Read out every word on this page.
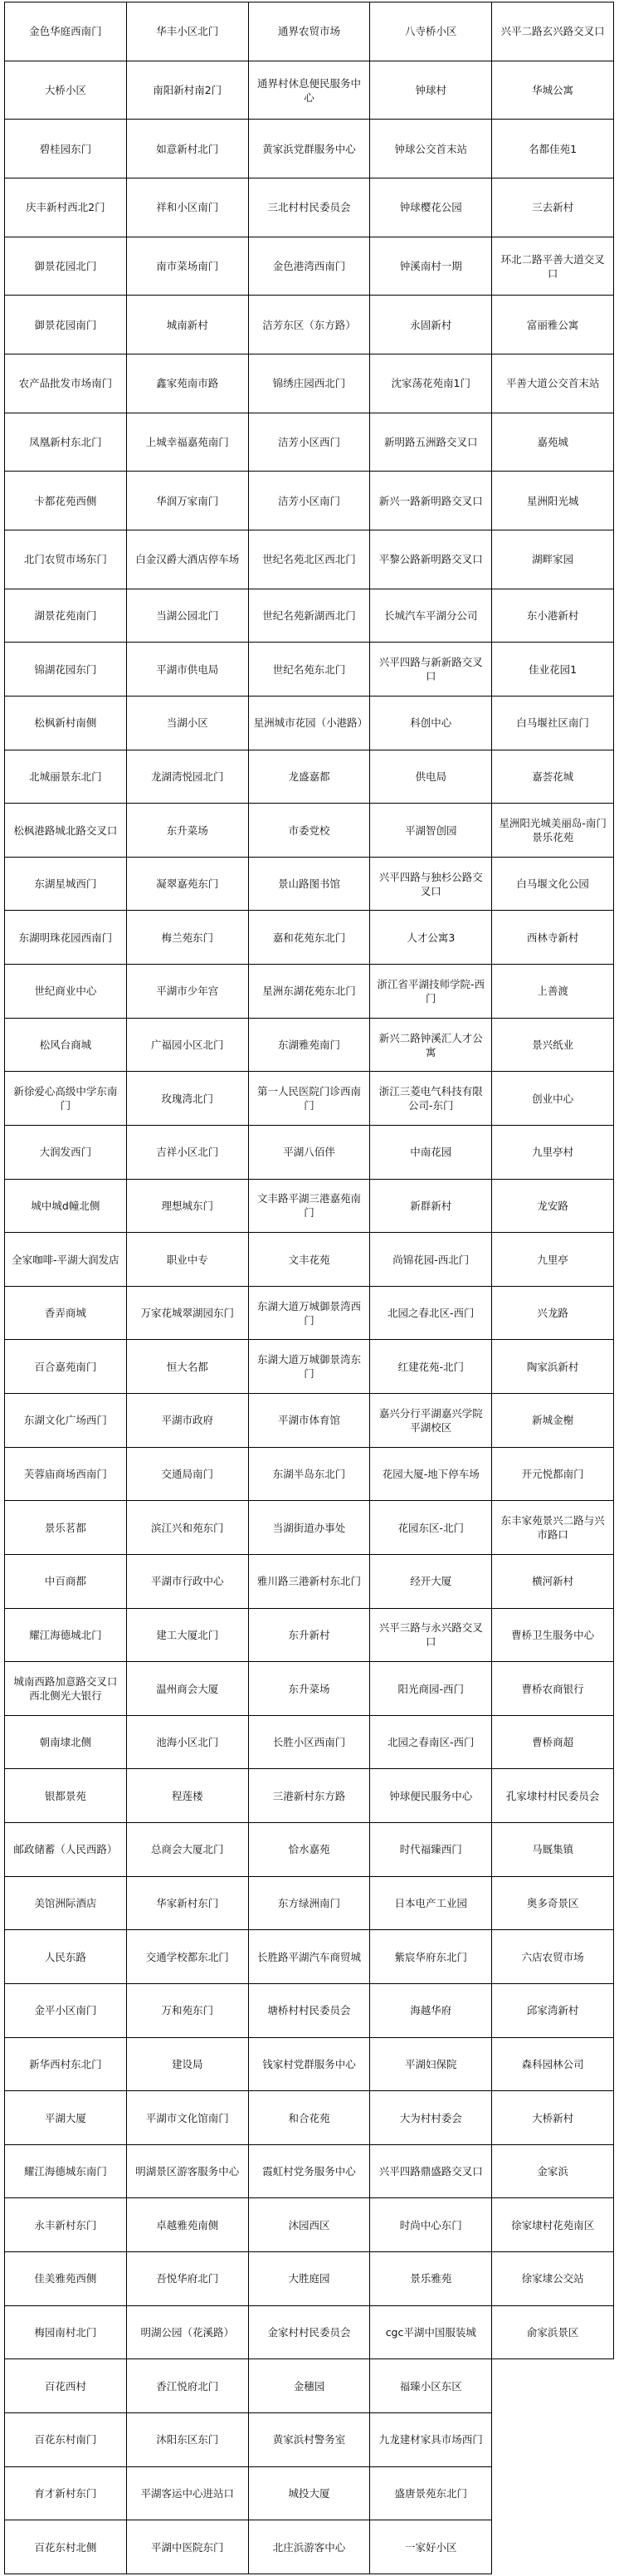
金色华庭西南门	华丰小区北门	通界农贸市场	八寺桥小区	兴平二路玄兴路交叉口
大桥小区	南阳新村南2门	通界村休息便民服务中心	钟球村	华城公寓
碧桂园东门	如意新村北门	黄家浜党群服务中心	钟球公交首末站	名都佳苑1
庆丰新村西北2门	祥和小区南门	三北村村民委员会	钟球樱花公园	三去新村
御景花园北门	南市菜场南门	金色港湾西南门	钟溪南村一期	环北二路平善大道交叉口
御景花园南门	城南新村	洁芳东区（东方路）	永固新村	富丽雅公寓
农产品批发市场南门	鑫家苑南市路	锦绣庄园西北门	沈家荡花苑南1门	平善大道公交首末站
凤凰新村东北门	上城幸福嘉苑南门	洁芳小区西门	新明路五洲路交叉口	嘉苑城
卡都花苑西侧	华润万家南门	洁芳小区南门	新兴一路新明路交叉口	星洲阳光城
北门农贸市场东门	白金汉爵大酒店停车场	世纪名苑北区西北门	平黎公路新明路交叉口	湖畔家园
湖景花苑南门	当湖公园北门	世纪名苑新湖西北门	长城汽车平湖分公司	东小港新村
锦湖花园东门	平湖市供电局	世纪名苑东北门	兴平四路与新新路交叉口	佳业花园1
松枫新村南侧	当湖小区	星洲城市花园（小港路）	科创中心	白马堰社区南门
北城丽景东北门	龙湖湾悦园北门	龙盛嘉都	供电局	嘉荟花城
松枫港路城北路交叉口	东升菜场	市委党校	平湖智创园	星洲阳光城美丽岛-南门景乐花苑
东湖星城西门	凝翠嘉苑东门	景山路图书馆	兴平四路与独杉公路交叉口	白马堰文化公园
东湖明珠花园西南门	梅兰苑东门	嘉和花苑东北门	人才公寓3	西林寺新村
世纪商业中心	平湖市少年宫	星洲东湖花苑东北门	浙江省平湖技师学院-西门	上善渡
松风台商城	广福园小区北门	东湖雅苑南门	新兴二路钟溪汇人才公寓	景兴纸业
新徐爱心高级中学东南门	玫瑰湾北门	第一人民医院门诊西南门	浙江三菱电气科技有限公司-东门	创业中心
大润发西门	吉祥小区北门	平湖八佰伴	中南花园	九里亭村
城中城d幢北侧	理想城东门	文丰路平湖三港嘉苑南门	新群新村	龙安路
全家咖啡-平湖大润发店	职业中专	文丰花苑	尚锦花园-西北门	九里亭
香弄商城	万家花城翠湖园东门	东湖大道万城御景湾西门	北园之春北区-西门	兴龙路
百合嘉苑南门	恒大名都	东湖大道万城御景湾东门	红建花苑-北门	陶家浜新村
东湖文化广场西门	平湖市政府	平湖市体育馆	嘉兴分行平湖嘉兴学院平湖校区	新城金榭
芙蓉庙商场西南门	交通局南门	东湖半岛东北门	花园大厦-地下停车场	开元悦都南门
景乐茗都	滨江兴和苑东门	当湖街道办事处	花园东区-北门	东丰家苑景兴二路与兴市路口
中百商都	平湖市行政中心	雅川路三港新村东北门	经开大厦	横河新村
耀江海德城北门	建工大厦北门	东升新村	兴平三路与永兴路交叉口	曹桥卫生服务中心
城南西路加意路交叉口西北侧光大银行	温州商会大厦	东升菜场	阳光商园-西门	曹桥农商银行
朝南埭北侧	池海小区北门	长胜小区西南门	北园之春南区-西门	曹桥商超
银都景苑	程莲楼	三港新村东方路	钟球便民服务中心	孔家埭村村民委员会
邮政储蓄（人民西路）	总商会大厦北门	恰水嘉苑	时代福臻西门	马厩集镇
美馆洲际酒店	华家新村东门	东方绿洲南门	日本电产工业园	奥多奇景区
人民东路	交通学校都东北门	长胜路平湖汽车商贸城	紫宸华府东北门	六店农贸市场
金平小区南门	万和苑东门	塘桥村村民委员会	海越华府	邱家湾新村
新华西村东北门	建设局	钱家村党群服务中心	平湖妇保院	森科园林公司
平湖大厦	平湖市文化馆南门	和合花苑	大为村村委会	大桥新村
耀江海德城东南门	明湖景区游客服务中心	霞虹村党务服务中心	兴平四路鼎盛路交叉口	金家浜
永丰新村东门	卓越雅苑南侧	沐园西区	时尚中心东门	徐家埭村花苑南区
佳美雅苑西侧	吾悦华府北门	大胜庭园	景乐雅苑	徐家埭公交站
梅园南村北门	明湖公园（花溪路）	金家村村民委员会	cgc平湖中国服装城	俞家浜景区
百花西村	香江悦府北门	金穗园	福臻小区东区	
百花东村南门	沐阳东区东门	黄家浜村警务室	九龙建材家具市场西门	
育才新村东门	平湖客运中心进站口	城投大厦	盛唐景苑东北门	
百花东村北侧	平湖中医院东门	北庄浜游客中心	一家好小区	
